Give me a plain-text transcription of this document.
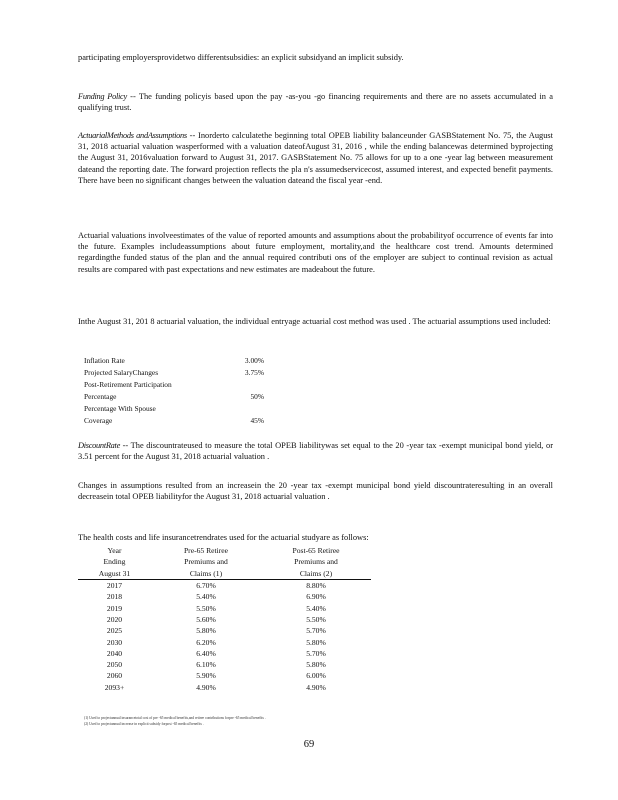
participating employersprovidetwo differentsubsidies: an explicit subsidyand an implicit subsidy.
Funding Policy -- The funding policyis based upon the pay -as-you -go financing requirements and there are no assets accumulated in a qualifying trust.
ActuarialMethods andAssumptions -- Inorderto calculatethe beginning total OPEB liability balanceunder GASBStatement No. 75, the August 31, 2018 actuarial valuation wasperformed with a valuation dateofAugust 31, 2016 , while the ending balancewas determined byprojecting the August 31, 2016valuation forward to August 31, 2017. GASBStatement No. 75 allows for up to a one -year lag between measurement dateand the reporting date. The forward projection reflects the pla n's assumedservicecost, assumed interest, and expected benefit payments. There have been no significant changes between the valuation dateand the fiscal year -end.
Actuarial valuations involveestimates of the value of reported amounts and assumptions about the probabilityof occurrence of events far into the future. Examples includeassumptions about future employment, mortality,and the healthcare cost trend. Amounts determined regardingthe funded status of the plan and the annual required contributi ons of the employer are subject to continual revision as actual results are compared with past expectations and new estimates are madeabout the future.
Inthe August 31, 201 8 actuarial valuation, the individual entryage actuarial cost method was used . The actuarial assumptions used included:
Inflation Rate	3.00%
Projected SalaryChanges	3.75%
Post-Retirement Participation
Percentage	50%
Percentage With Spouse
Coverage	45%
DiscountRate -- The discountrateused to measure the total OPEB liabilitywas set equal to the 20 -year tax -exempt municipal bond yield, or 3.51 percent for the August 31, 2018 actuarial valuation .
Changes in assumptions resulted from an increasein the 20 -year tax -exempt municipal bond yield discountrateresulting in an overall decreasein total OPEB liabilityfor the August 31, 2018 actuarial valuation .
The health costs and life insurancetrendrates used for the actuarial studyare as follows:
Year	Pre-65 Retiree	Post-65 Retiree
Ending	Premiums and	Premiums and
August 31	Claims (1)	Claims (2)
2017	6.70%	8.80%
2018	5.40%	6.90%
2019	5.50%	5.40%
2020	5.60%	5.50%
2025	5.80%	5.70%
2030	6.20%	5.80%
2040	6.40%	5.70%
2050	6.10%	5.80%
2060	5.90%	6.00%
2093+	4.90%	4.90%
(1) Used to projectannual insurancetotal cost of pre -65 medical benefits,and retiree contributions forpre -65 medical benefits .
(2) Used to projectannual increase in explicit subsidy forpost -65 medical benefits .
69
